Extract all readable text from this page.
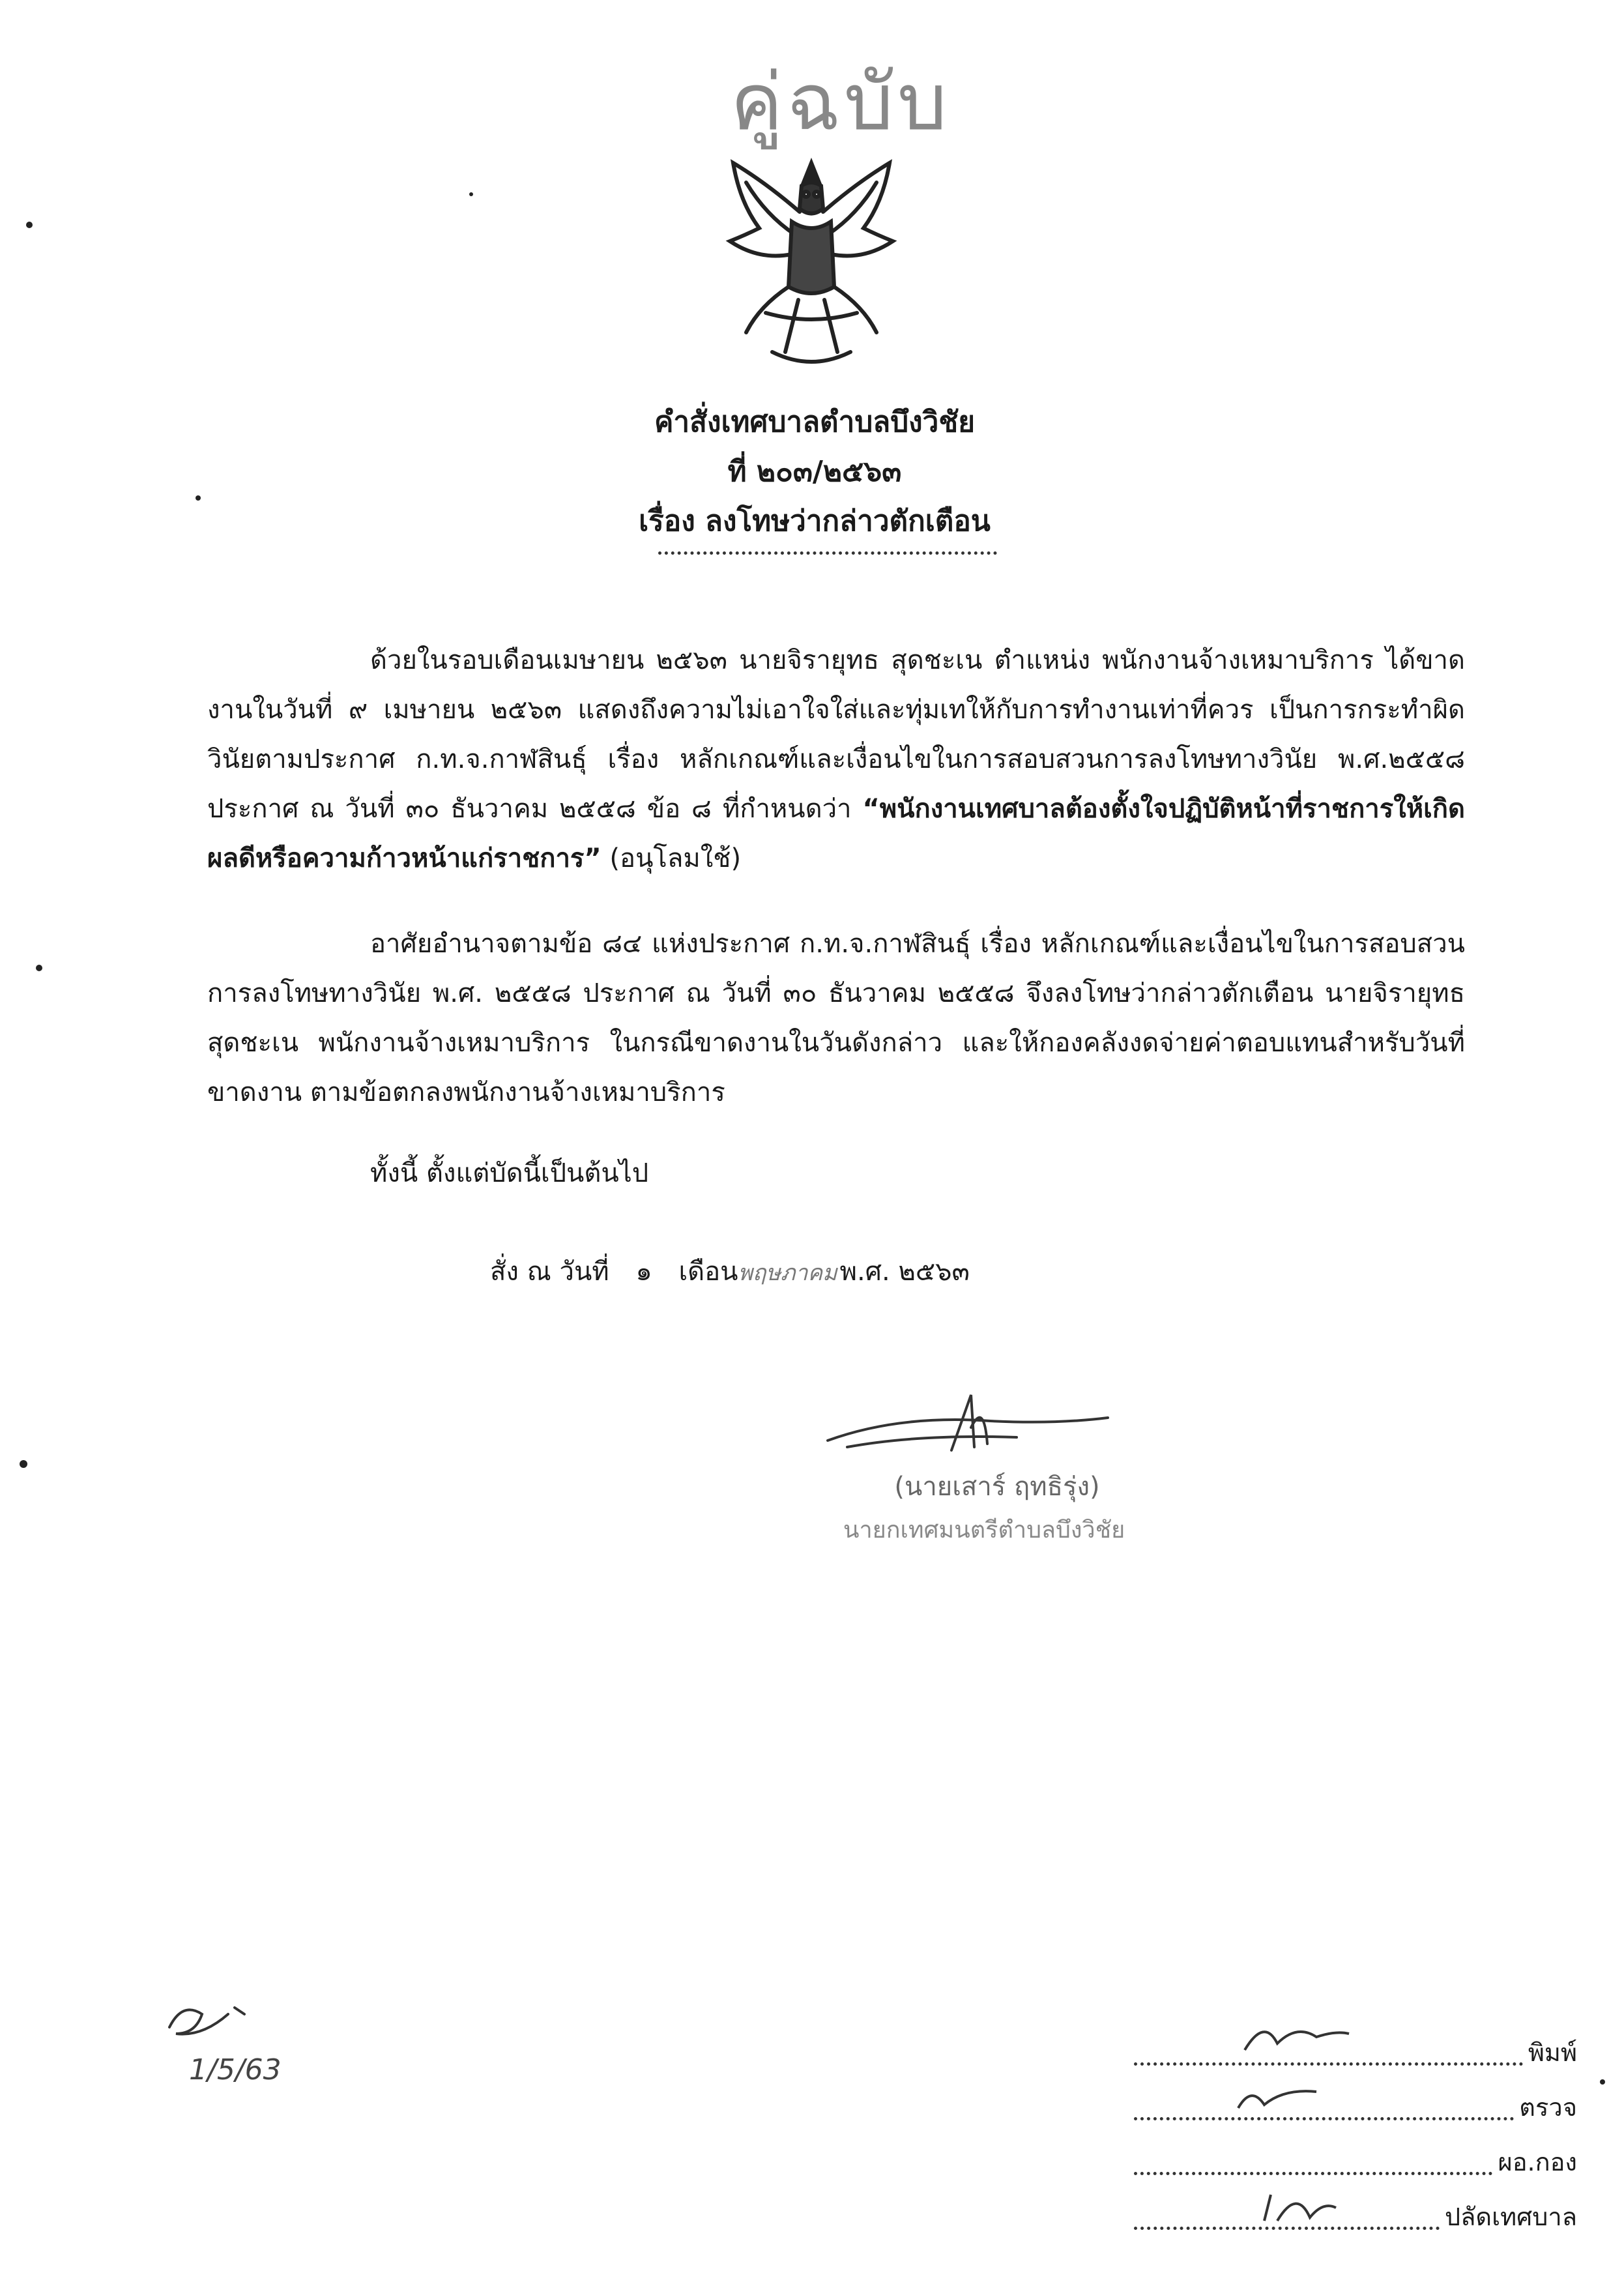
คู่ฉบับ
คำสั่งเทศบาลตำบลบึงวิชัย
ที่ ๒๐๓/๒๕๖๓
เรื่อง ลงโทษว่ากล่าวตักเตือน
ด้วยในรอบเดือนเมษายน ๒๕๖๓ นายจิรายุทธ สุดชะเน ตำแหน่ง พนักงานจ้างเหมาบริการ ได้ขาดงานในวันที่ ๙ เมษายน ๒๕๖๓ แสดงถึงความไม่เอาใจใส่และทุ่มเทให้กับการทำงานเท่าที่ควร เป็นการกระทำผิดวินัยตามประกาศ ก.ท.จ.กาฬสินธุ์ เรื่อง หลักเกณฑ์และเงื่อนไขในการสอบสวนการลงโทษทางวินัย พ.ศ.๒๕๕๘ ประกาศ ณ วันที่ ๓๐ ธันวาคม ๒๕๕๘ ข้อ ๘ ที่กำหนดว่า “พนักงานเทศบาลต้องตั้งใจปฏิบัติหน้าที่ราชการให้เกิดผลดีหรือความก้าวหน้าแก่ราชการ” (อนุโลมใช้)
อาศัยอำนาจตามข้อ ๘๔ แห่งประกาศ ก.ท.จ.กาฬสินธุ์ เรื่อง หลักเกณฑ์และเงื่อนไขในการสอบสวนการลงโทษทางวินัย พ.ศ. ๒๕๕๘ ประกาศ ณ วันที่ ๓๐ ธันวาคม ๒๕๕๘ จึงลงโทษว่ากล่าวตักเตือน นายจิรายุทธ สุดชะเน พนักงานจ้างเหมาบริการ ในกรณีขาดงานในวันดังกล่าว และให้กองคลังงดจ่ายค่าตอบแทนสำหรับวันที่ขาดงาน ตามข้อตกลงพนักงานจ้างเหมาบริการ
ทั้งนี้ ตั้งแต่บัดนี้เป็นต้นไป
สั่ง ณ วันที่ ๑ เดือนพฤษภาคม พ.ศ. ๒๕๖๓
(นายเสาร์ ฤทธิรุ่ง)
นายกเทศมนตรีตำบลบึงวิชัย
1/5/63
พิมพ์
ตรวจ
ผอ.กอง
ปลัดเทศบาล
